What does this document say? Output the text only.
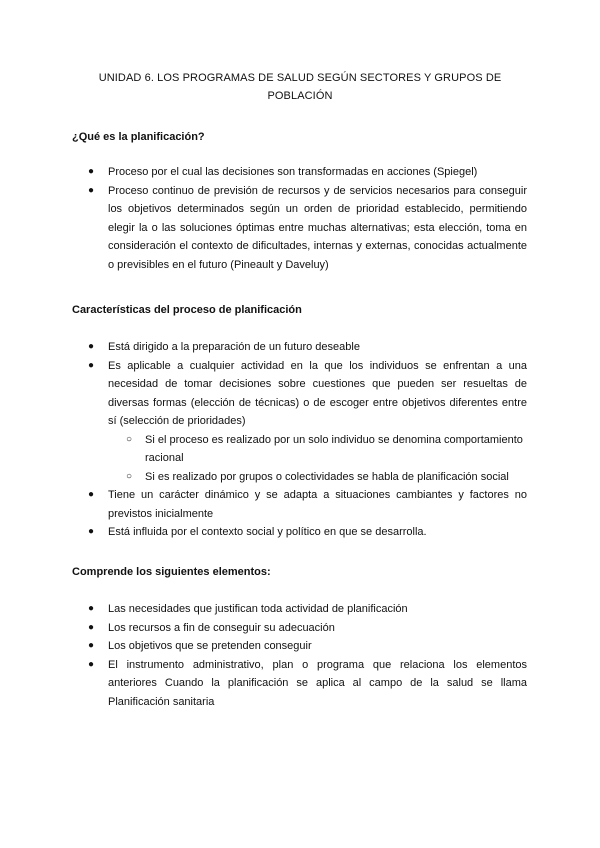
UNIDAD 6. LOS PROGRAMAS DE SALUD SEGÚN SECTORES Y GRUPOS DE POBLACIÓN
¿Qué es la planificación?
● Proceso por el cual las decisiones son transformadas en acciones (Spiegel)
● Proceso continuo de previsión de recursos y de servicios necesarios para conseguir los objetivos determinados según un orden de prioridad establecido, permitiendo elegir la o las soluciones óptimas entre muchas alternativas; esta elección, toma en consideración el contexto de dificultades, internas y externas, conocidas actualmente o previsibles en el futuro (Pineault y Daveluy)
Características del proceso de planificación
● Está dirigido a la preparación de un futuro deseable
● Es aplicable a cualquier actividad en la que los individuos se enfrentan a una necesidad de tomar decisiones sobre cuestiones que pueden ser resueltas de diversas formas (elección de técnicas) o de escoger entre objetivos diferentes entre sí (selección de prioridades)
○ Si el proceso es realizado por un solo individuo se denomina comportamiento racional
○ Si es realizado por grupos o colectividades se habla de planificación social
● Tiene un carácter dinámico y se adapta a situaciones cambiantes y factores no previstos inicialmente
● Está influida por el contexto social y político en que se desarrolla.
Comprende los siguientes elementos:
● Las necesidades que justifican toda actividad de planificación
● Los recursos a fin de conseguir su adecuación
● Los objetivos que se pretenden conseguir
● El instrumento administrativo, plan o programa que relaciona los elementos anteriores Cuando la planificación se aplica al campo de la salud se llama Planificación sanitaria
